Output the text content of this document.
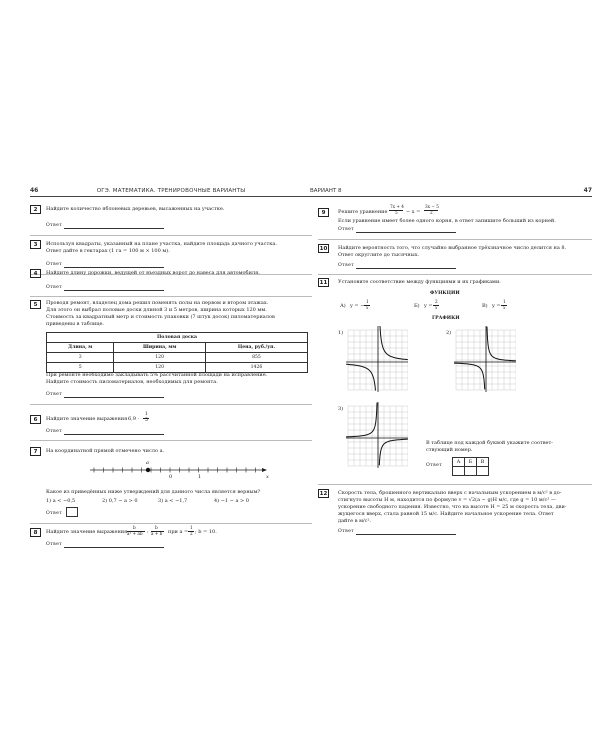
46	ОГЭ. МАТЕМАТИКА. ТРЕНИРОВОЧНЫЕ ВАРИАНТЫ
2	Найдите количество яблоневых деревьев, высаженных на участке.
Ответ
3	Используя квадраты, указанный на плане участка, найдите площадь дачного участка.
Ответ дайте в гектарах (1 га = 100 м × 100 м).
Ответ
4	Найдите длину дорожки, ведущей от въездных ворот до навеса для автомобиля.
Ответ
5	Проводя ремонт, владелец дома решил поменять полы на первом и втором этажах.
Для этого он выбрал половые доски длиной 3 и 5 метров, ширина которых 120 мм.
Стоимость за квадратный метр и стоимость упаковки (7 штук досок) пиломатериалов
приведены в таблице.
Половая доска		
Длина, м	Ширина, мм	Цена, руб./уп.
3	120	855
5	120	1426
При ремонте необходимо закладывать 5% рассчитанной площади на исправление.
Найдите стоимость пиломатериалов, необходимых для ремонта.
Ответ
6	Найдите значение выражения 6,9 ·
1
5
Ответ
7	На координатной прямой отмечено число a.
a
0	1	x
Какое из приведённых ниже утверждений для данного числа является верным?
1) a < −0,5	2) 0,7 − a > 0	3) a < −1,7	4) −1 − a > 0
Ответ
8	Найдите значение выражения
b
a² + ab :
b
a + b при a =
1
2 ; b = 10.
Ответ
ВАРИАНТ 8	47
9	Решите уравнение
7x + 4
5 − x =
3x − 5
2
Если уравнение имеет более одного корня, в ответ запишите больший из корней.
Ответ
10	Найдите вероятность того, что случайно выбранное трёхзначное число делится на 8.
Ответ округлите до тысячных.
Ответ
11	Установите соответствие между функциями и их графиками.
ФУНКЦИИ
А) y = −
1
x	Б) y =
2
x	В) y =
1
x
ГРАФИКИ
1)	2)
3)
В таблице под каждой буквой укажите соответ-
ствующий номер.
Ответ
А	Б	В

12	Скорость тела, брошенного вертикально вверх с начальным ускорением в м/с² в до-
стигнуто высоты H м, находится по формуле v = √2(a − g)H м/с, где g = 10 м/с² —
ускорение свободного падения. Известно, что на высоте H = 25 м скорость тела, дви-
жущегося вверх, стала равной 15 м/с. Найдите начальное ускорение тела. Ответ
дайте в м/с².
Ответ
